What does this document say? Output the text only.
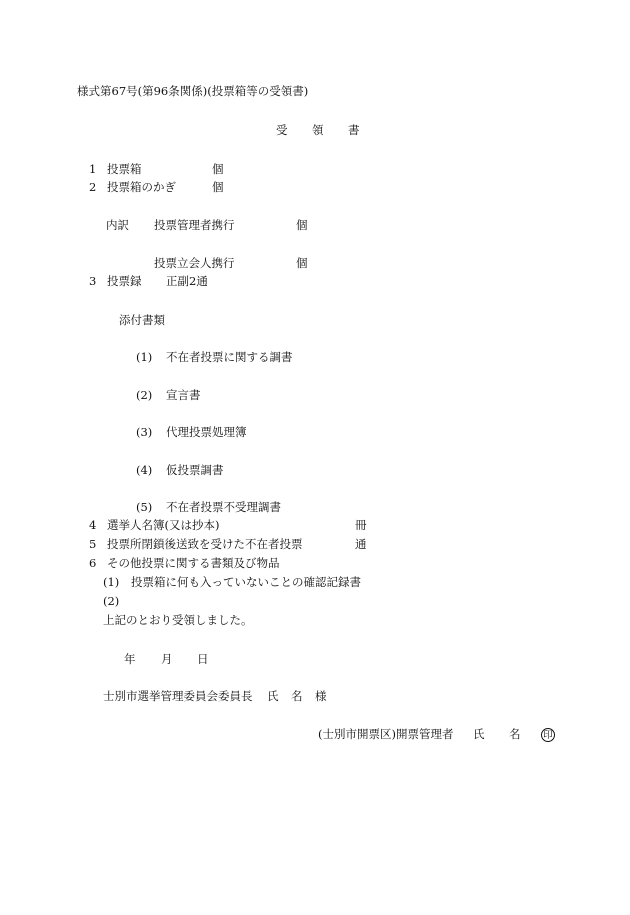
様式第67号(第96条関係)(投票箱等の受領書)
受 領 書
1 投票箱	個
2 投票箱のかぎ	個
内訳 投票管理者携行	個
投票立会人携行	個
3 投票録 正副2通
添付書類
(1) 不在者投票に関する調書
(2) 宣言書
(3) 代理投票処理簿
(4) 仮投票調書
(5) 不在者投票不受理調書
4 選挙人名簿(又は抄本)	冊
5 投票所閉鎖後送致を受けた不在者投票	通
6 その他投票に関する書類及び物品
(1) 投票箱に何も入っていないことの確認記録書
(2)
上記のとおり受領しました。
年 月 日
士別市選挙管理委員会委員長 氏 名 様
(士別市開票区)開票管理者 氏 名 印
